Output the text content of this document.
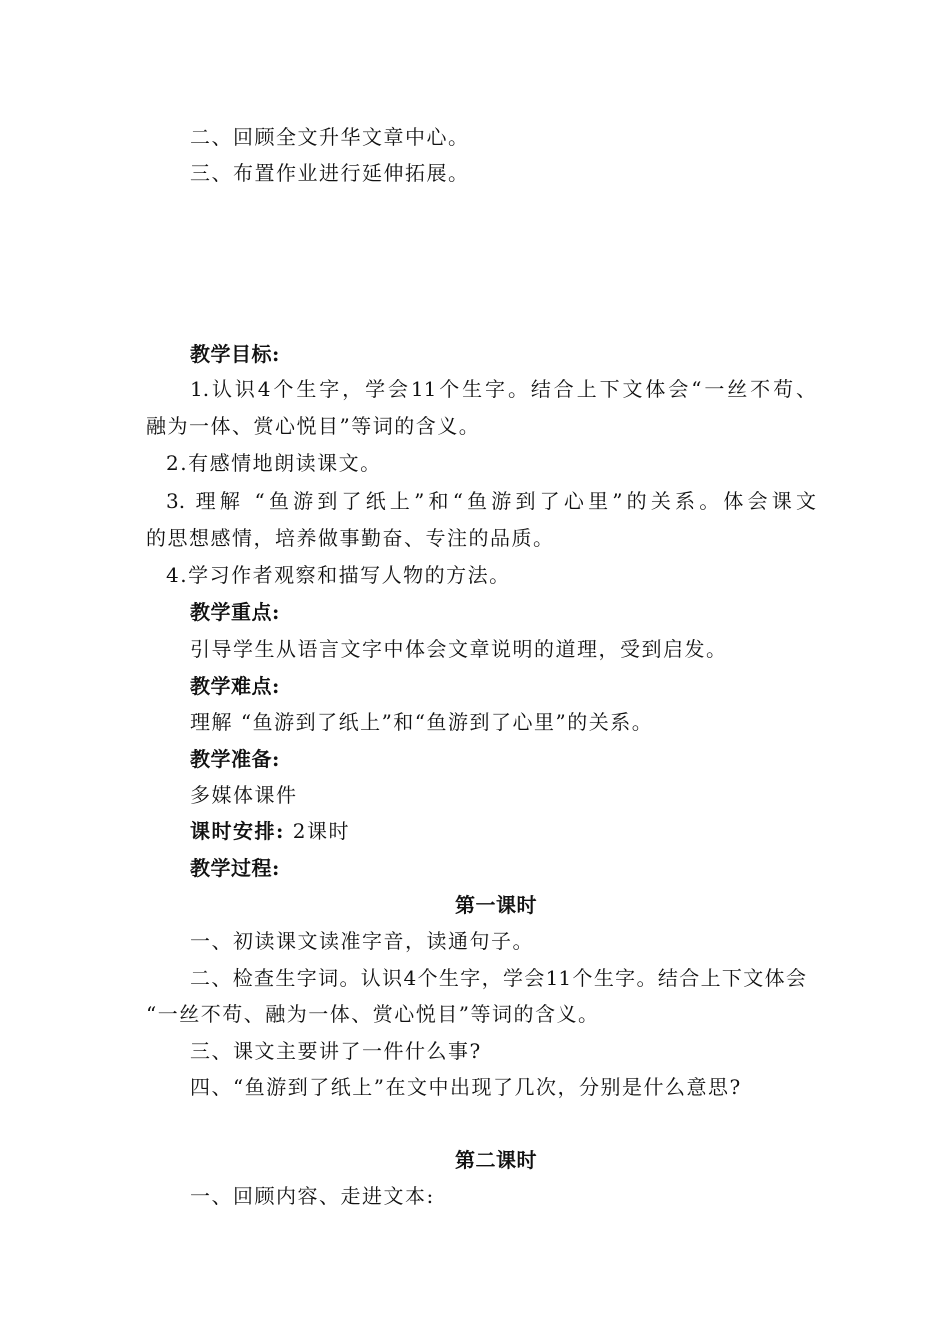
二、回顾全文升华文章中心。
三、布置作业进行延伸拓展。
教学目标:
1.认识4个生字，学会11个生字。结合上下文体会“一丝不苟、
融为一体、赏心悦目”等词的含义。
2.有感情地朗读课文。
3. 理解 “鱼游到了纸上”和“鱼游到了心里”的关系。体会课文
的思想感情，培养做事勤奋、专注的品质。
4.学习作者观察和描写人物的方法。
教学重点:
引导学生从语言文字中体会文章说明的道理，受到启发。
教学难点:
理解 “鱼游到了纸上”和“鱼游到了心里”的关系。
教学准备:
多媒体课件
课时安排: 2课时
教学过程:
第一课时
一、初读课文读准字音，读通句子。
二、检查生字词。认识4个生字，学会11个生字。结合上下文体会
“一丝不苟、融为一体、赏心悦目”等词的含义。
三、课文主要讲了一件什么事?
四、“鱼游到了纸上”在文中出现了几次，分别是什么意思?
第二课时
一、回顾内容、走进文本:
